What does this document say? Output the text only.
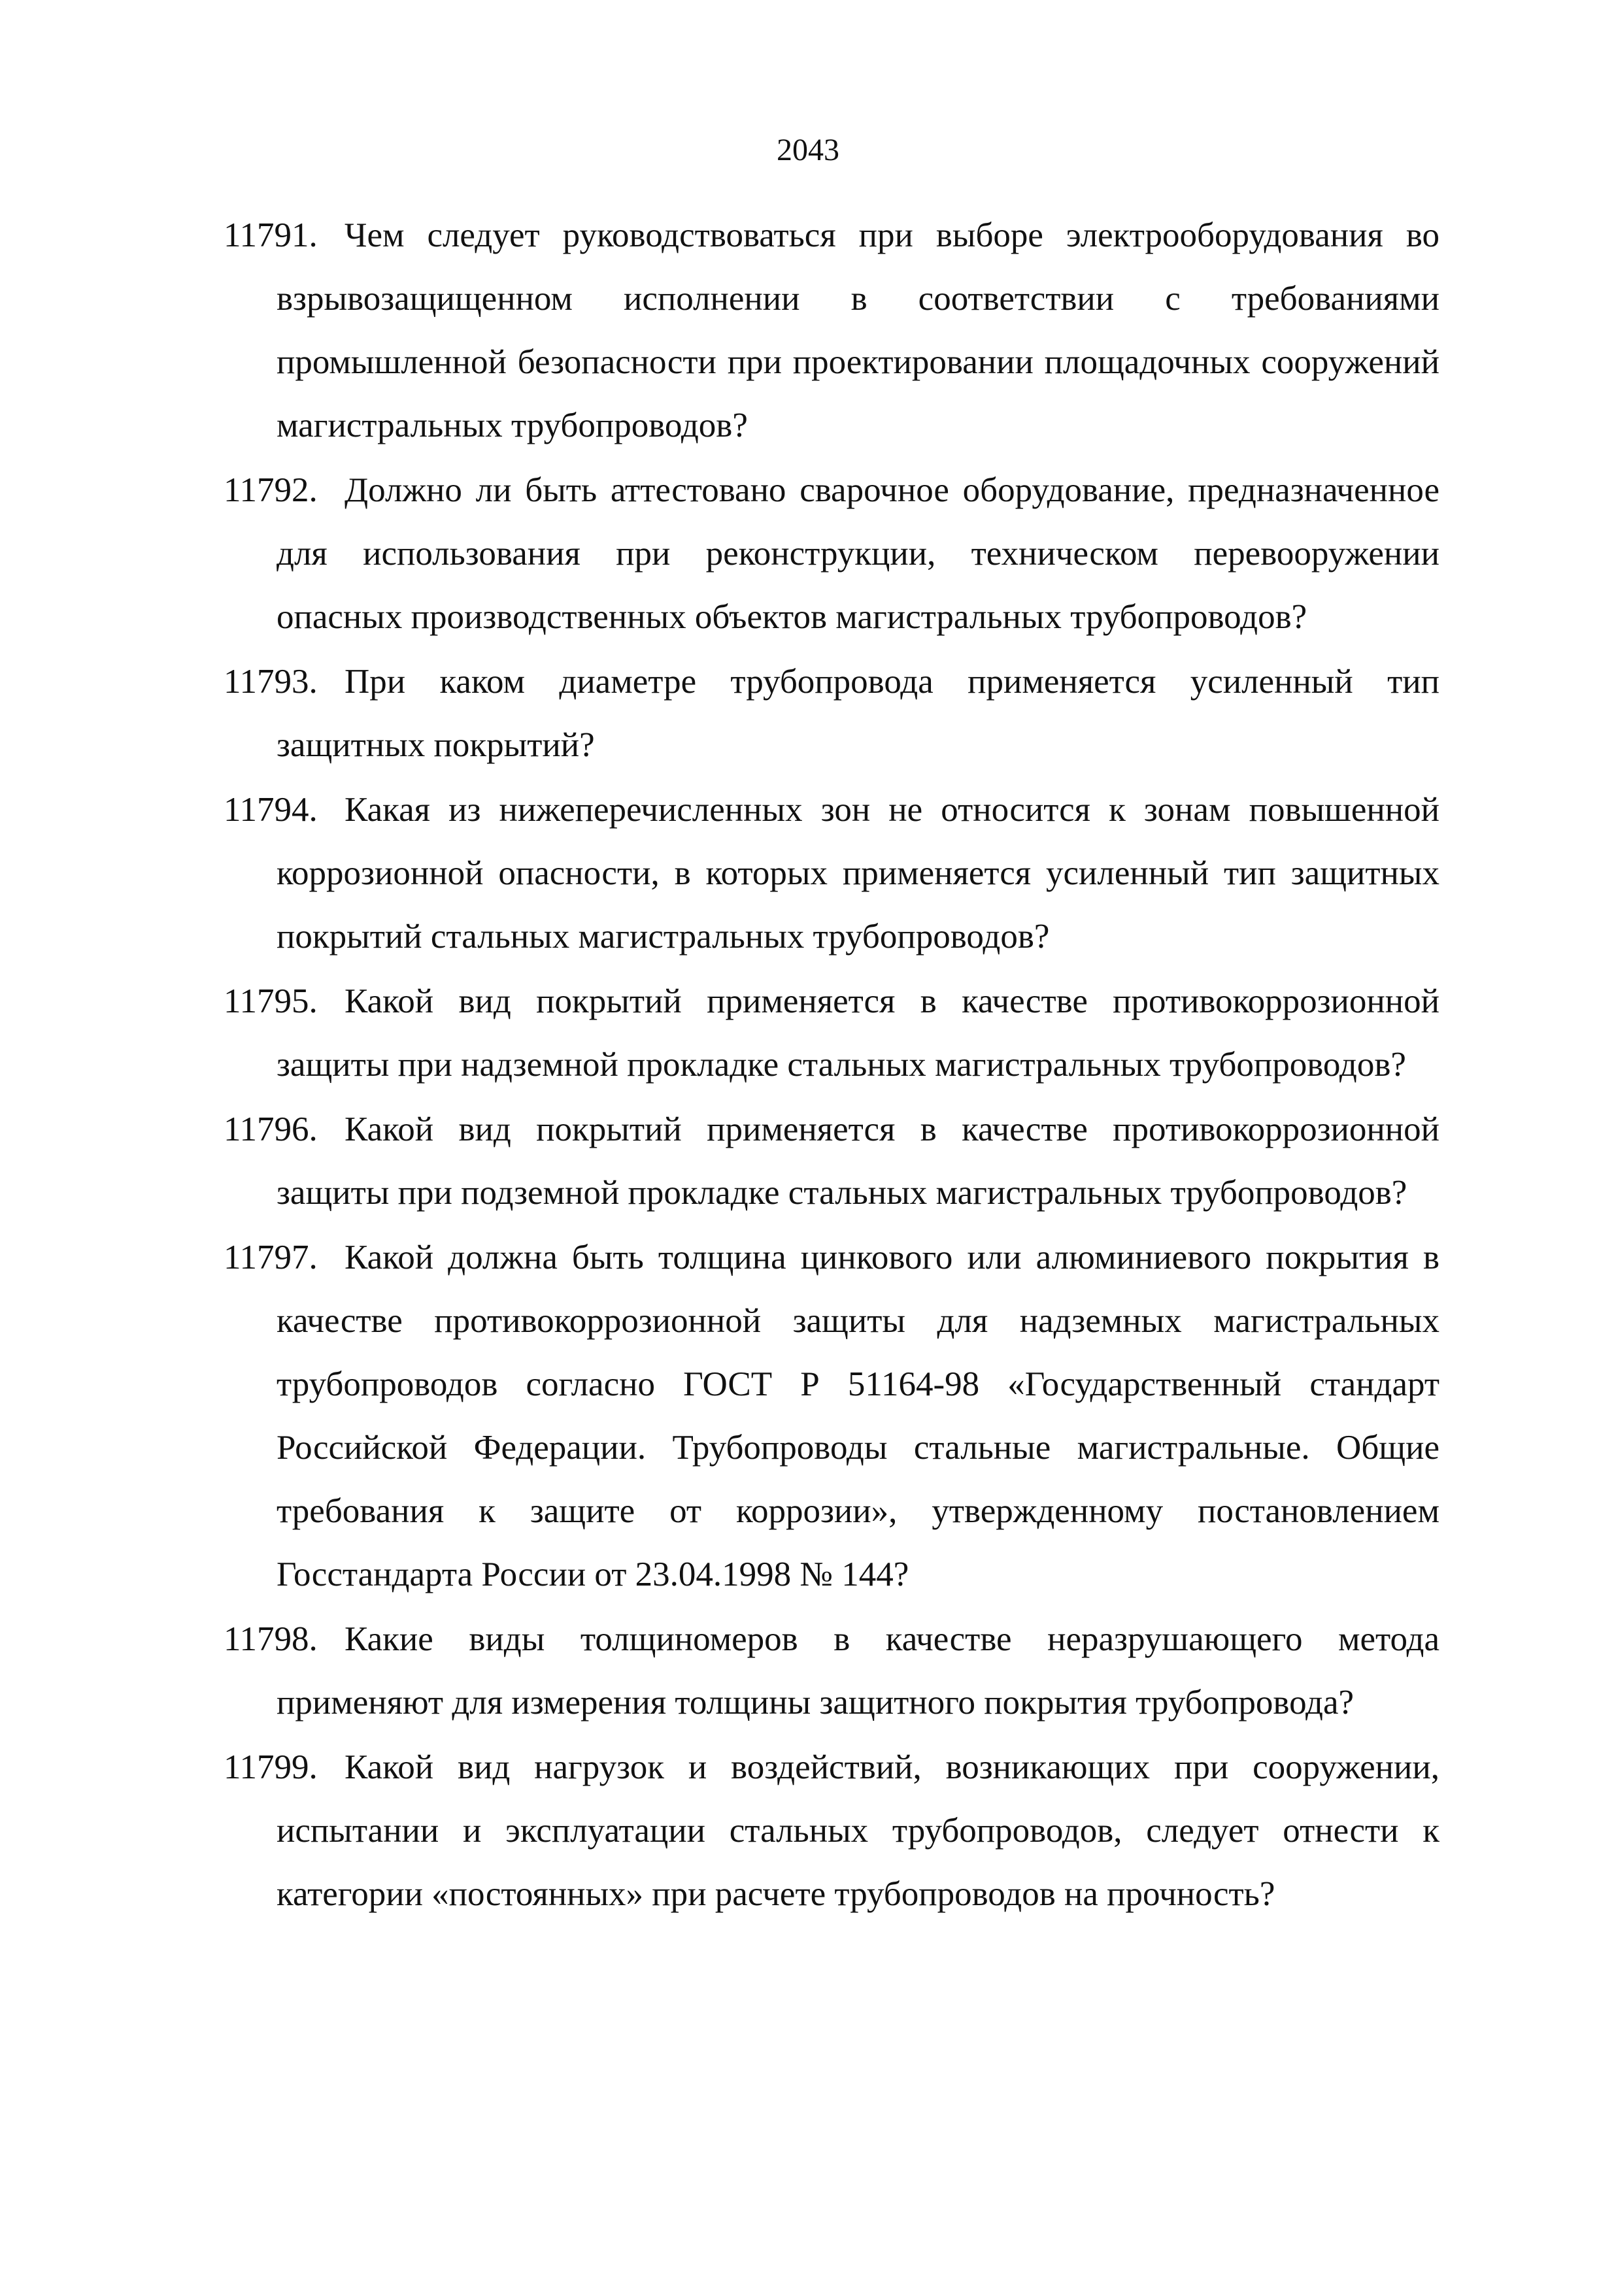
2043
11791. Чем следует руководствоваться при выборе электрооборудования во взрывозащищенном исполнении в соответствии с требованиями промышленной безопасности при проектировании площадочных сооружений магистральных трубопроводов?
11792. Должно ли быть аттестовано сварочное оборудование, предназначенное для использования при реконструкции, техническом перевооружении опасных производственных объектов магистральных трубопроводов?
11793. При каком диаметре трубопровода применяется усиленный тип защитных покрытий?
11794. Какая из нижеперечисленных зон не относится к зонам повышенной коррозионной опасности, в которых применяется усиленный тип защитных покрытий стальных магистральных трубопроводов?
11795. Какой вид покрытий применяется в качестве противокоррозионной защиты при надземной прокладке стальных магистральных трубопроводов?
11796. Какой вид покрытий применяется в качестве противокоррозионной защиты при подземной прокладке стальных магистральных трубопроводов?
11797. Какой должна быть толщина цинкового или алюминиевого покрытия в качестве противокоррозионной защиты для надземных магистральных трубопроводов согласно ГОСТ Р 51164-98 «Государственный стандарт Российской Федерации. Трубопроводы стальные магистральные. Общие требования к защите от коррозии», утвержденному постановлением Госстандарта России от 23.04.1998 № 144?
11798. Какие виды толщиномеров в качестве неразрушающего метода применяют для измерения толщины защитного покрытия трубопровода?
11799. Какой вид нагрузок и воздействий, возникающих при сооружении, испытании и эксплуатации стальных трубопроводов, следует отнести к категории «постоянных» при расчете трубопроводов на прочность?
